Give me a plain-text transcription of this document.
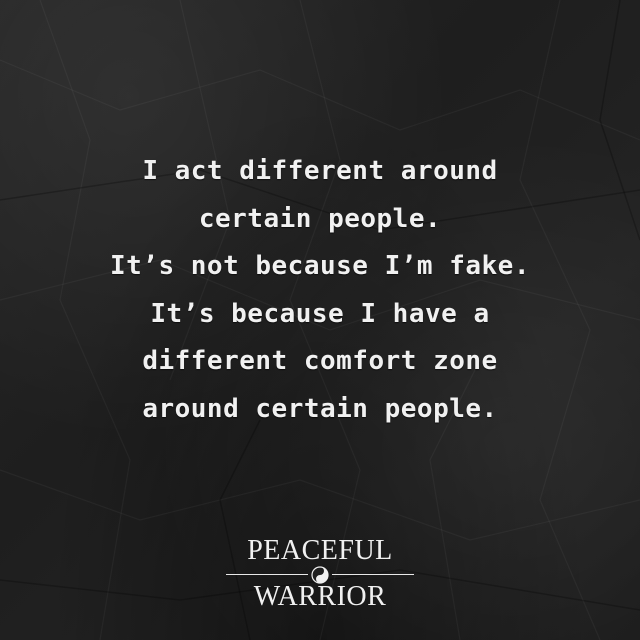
I act different around
certain people.
It’s not because I’m fake.
It’s because I have a
different comfort zone
around certain people.
PEACEFUL
WARRIOR
